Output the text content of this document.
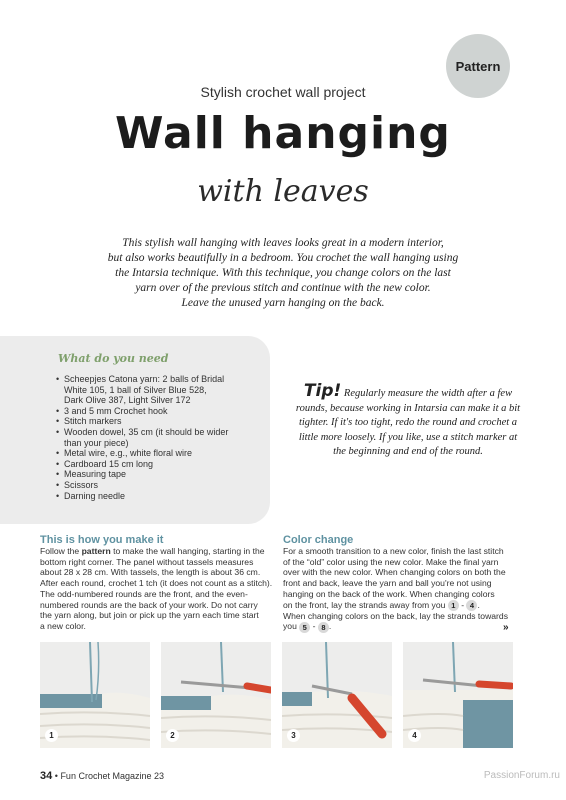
Pattern
Stylish crochet wall project
Wall hanging
with leaves
This stylish wall hanging with leaves looks great in a modern interior,
but also works beautifully in a bedroom. You crochet the wall hanging using
the Intarsia technique. With this technique, you change colors on the last
yarn over of the previous stitch and continue with the new color.
Leave the unused yarn hanging on the back.
What do you need
• Scheepjes Catona yarn: 2 balls of Bridal
White 105, 1 ball of Silver Blue 528,
Dark Olive 387, Light Silver 172
• 3 and 5 mm Crochet hook
• Stitch markers
• Wooden dowel, 35 cm (it should be wider
than your piece)
• Metal wire, e.g., white floral wire
• Cardboard 15 cm long
• Measuring tape
• Scissors
• Darning needle
Tip! Regularly measure the width after a few
rounds, because working in Intarsia can make it a bit
tighter. If it's too tight, redo the round and crochet a
little more loosely. If you like, use a stitch marker at
the beginning and end of the round.
This is how you make it
Follow the pattern to make the wall hanging, starting in the
bottom right corner. The panel without tassels measures
about 28 x 28 cm. With tassels, the length is about 36 cm.
After each round, crochet 1 tch (it does not count as a stitch).
The odd-numbered rounds are the front, and the even-
numbered rounds are the back of your work. Do not carry
the yarn along, but join or pick up the yarn each time start
a new color.
Color change
For a smooth transition to a new color, finish the last stitch
of the “old” color using the new color. Make the final yarn
over with the new color. When changing colors on both the
front and back, leave the yarn and ball you're not using
hanging on the back of the work. When changing colors
on the front, lay the strands away from you 1 - 4 .
When changing colors on the back, lay the strands towards
you 5 - 8 .	»
1	2	3	4
34 • Fun Crochet Magazine 23	PassionForum.ru
